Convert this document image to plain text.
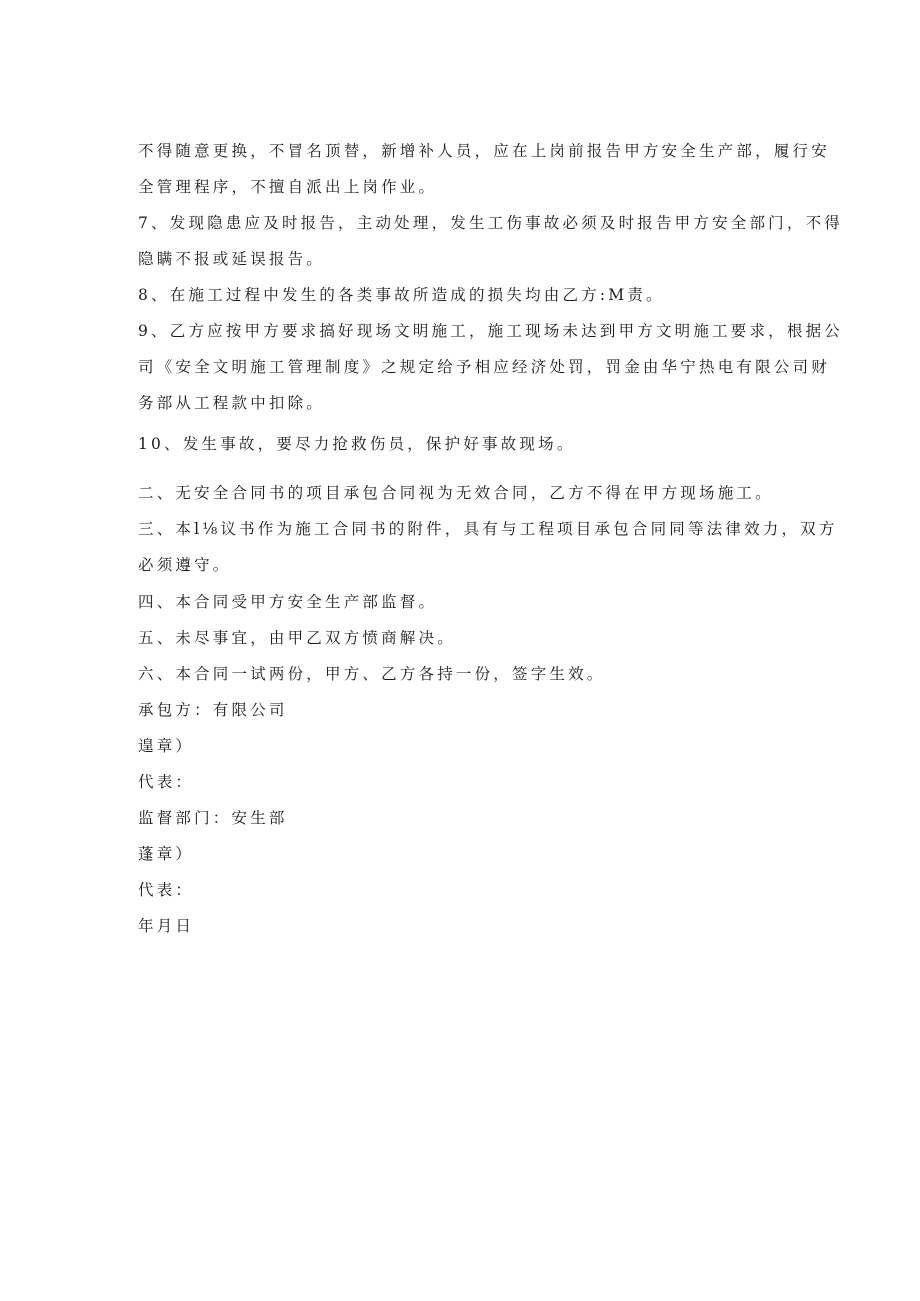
不得随意更换，不冒名顶替，新增补人员，应在上岗前报告甲方安全生产部，履行安
全管理程序，不擅自派出上岗作业。
7、发现隐患应及时报告，主动处理，发生工伤事故必须及时报告甲方安全部门，不得
隐瞒不报或延误报告。
8、在施工过程中发生的各类事故所造成的损失均由乙方:M责。
9、乙方应按甲方要求搞好现场文明施工，施工现场未达到甲方文明施工要求，根据公
司《安全文明施工管理制度》之规定给予相应经济处罚，罚金由华宁热电有限公司财
务部从工程款中扣除。
10、发生事故，要尽力抢救伤员，保护好事故现场。
二、无安全合同书的项目承包合同视为无效合同，乙方不得在甲方现场施工。
三、本l⅛议书作为施工合同书的附件，具有与工程项目承包合同同等法律效力，双方
必须遵守。
四、本合同受甲方安全生产部监督。
五、未尽事宜，由甲乙双方愤商解决。
六、本合同一试两份，甲方、乙方各持一份，签字生效。
承包方：有限公司
遑章）
代表：
监督部门：安生部
蓬章）
代表：
年月日
